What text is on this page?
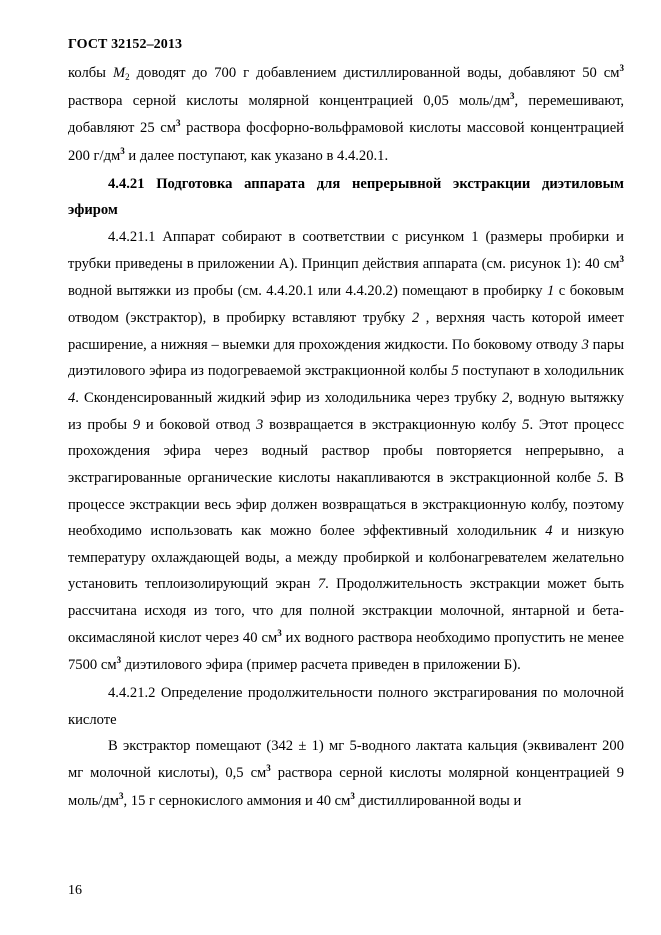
ГОСТ 32152–2013

колбы $М_2$ доводят до 700 г добавлением дистиллированной воды, добавляют 50 $см^3$ раствора серной кислоты молярной концентрацией 0,05 моль/$дм^3$, перемешивают, добавляют 25 $см^3$ раствора фосфорно-вольфрамовой кислоты массовой концентрацией 200 $г/дм^3$ и далее поступают, как указано в 4.4.20.1.

4.4.21 Подготовка аппарата для непрерывной экстракции диэтиловым эфиром

4.4.21.1 Аппарат собирают в соответствии с рисунком 1 (размеры пробирки и трубки приведены в приложении А). Принцип действия аппарата (см. рисунок 1): 40 $см^3$ водной вытяжки из пробы (см. 4.4.20.1 или 4.4.20.2) помещают в пробирку 1 с боковым отводом (экстрактор), в пробирку вставляют трубку 2 , верхняя часть которой имеет расширение, а нижняя – выемки для прохождения жидкости. По боковому отводу 3 пары диэтилового эфира из подогреваемой экстракционной колбы 5 поступают в холодильник 4. Сконденсированный жидкий эфир из холодильника через трубку 2, водную вытяжку из пробы 9 и боковой отвод 3 возвращается в экстракционную колбу 5. Этот процесс прохождения эфира через водный раствор пробы повторяется непрерывно, а экстрагированные органические кислоты накапливаются в экстракционной колбе 5. В процессе экстракции весь эфир должен возвращаться в экстракционную колбу, поэтому необходимо использовать как можно более эффективный холодильник 4 и низкую температуру охлаждающей воды, а между пробиркой и колбонагревателем желательно установить теплоизолирующий экран 7. Продолжительность экстракции может быть рассчитана исходя из того, что для полной экстракции молочной, янтарной и бета-оксимасляной кислот через 40 $см^3$ их водного раствора необходимо пропустить не менее 7500 $см^3$ диэтилового эфира (пример расчета приведен в приложении Б).

4.4.21.2 Определение продолжительности полного экстрагирования по молочной кислоте

В экстрактор помещают (342 ± 1) мг 5-водного лактата кальция (эквивалент 200 мг молочной кислоты), 0,5 $см^3$ раствора серной кислоты молярной концентрацией 9 моль/$дм^3$, 15 г сернокислого аммония и 40 $см^3$ дистиллированной воды и

16
